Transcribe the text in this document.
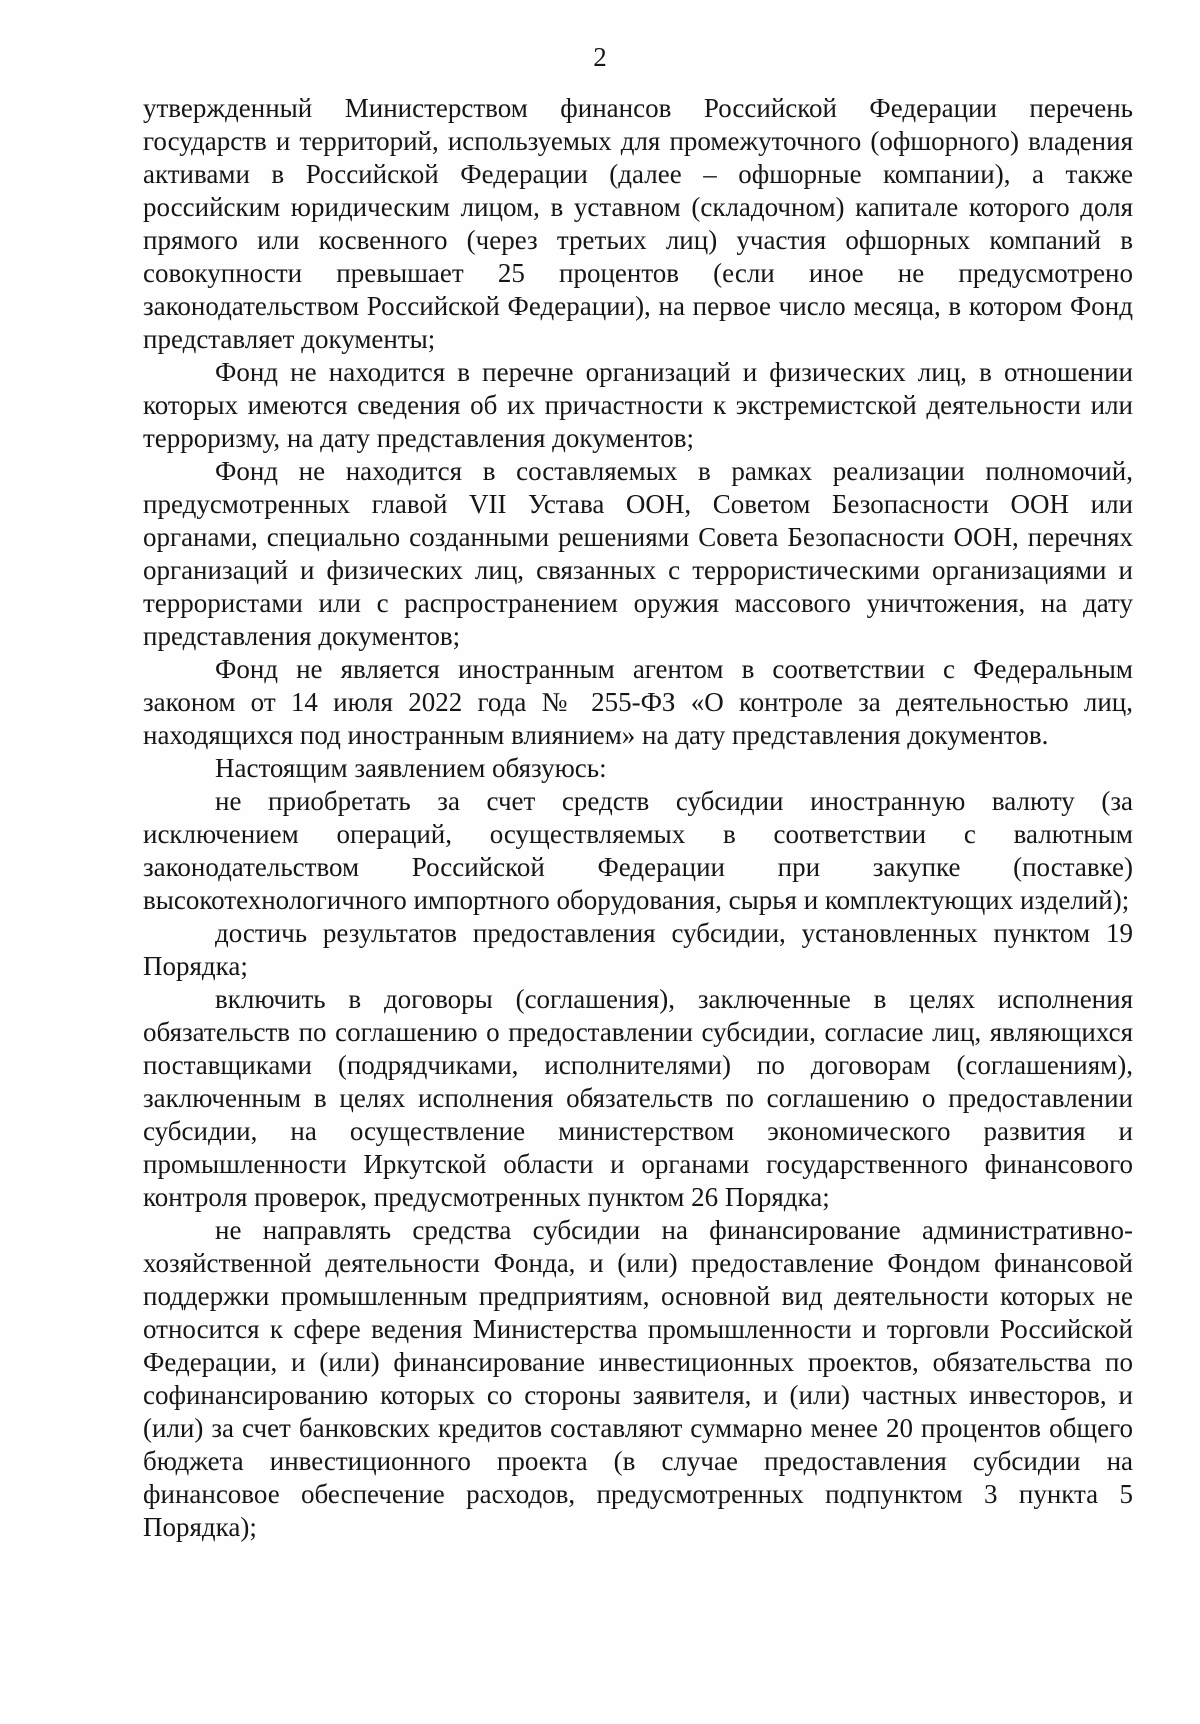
2

утвержденный Министерством финансов Российской Федерации перечень государств и территорий, используемых для промежуточного (офшорного) владения активами в Российской Федерации (далее – офшорные компании), а также российским юридическим лицом, в уставном (складочном) капитале которого доля прямого или косвенного (через третьих лиц) участия офшорных компаний в совокупности превышает 25 процентов (если иное не предусмотрено законодательством Российской Федерации), на первое число месяца, в котором Фонд представляет документы;

Фонд не находится в перечне организаций и физических лиц, в отношении которых имеются сведения об их причастности к экстремистской деятельности или терроризму, на дату представления документов;

Фонд не находится в составляемых в рамках реализации полномочий, предусмотренных главой VII Устава ООН, Советом Безопасности ООН или органами, специально созданными решениями Совета Безопасности ООН, перечнях организаций и физических лиц, связанных с террористическими организациями и террористами или с распространением оружия массового уничтожения, на дату представления документов;

Фонд не является иностранным агентом в соответствии с Федеральным законом от 14 июля 2022 года № 255-ФЗ «О контроле за деятельностью лиц, находящихся под иностранным влиянием» на дату представления документов.

Настоящим заявлением обязуюсь:

не приобретать за счет средств субсидии иностранную валюту (за исключением операций, осуществляемых в соответствии с валютным законодательством Российской Федерации при закупке (поставке) высокотехнологичного импортного оборудования, сырья и комплектующих изделий);

достичь результатов предоставления субсидии, установленных пунктом 19 Порядка;

включить в договоры (соглашения), заключенные в целях исполнения обязательств по соглашению о предоставлении субсидии, согласие лиц, являющихся поставщиками (подрядчиками, исполнителями) по договорам (соглашениям), заключенным в целях исполнения обязательств по соглашению о предоставлении субсидии, на осуществление министерством экономического развития и промышленности Иркутской области и органами государственного финансового контроля проверок, предусмотренных пунктом 26 Порядка;

не направлять средства субсидии на финансирование административно-хозяйственной деятельности Фонда, и (или) предоставление Фондом финансовой поддержки промышленным предприятиям, основной вид деятельности которых не относится к сфере ведения Министерства промышленности и торговли Российской Федерации, и (или) финансирование инвестиционных проектов, обязательства по софинансированию которых со стороны заявителя, и (или) частных инвесторов, и (или) за счет банковских кредитов составляют суммарно менее 20 процентов общего бюджета инвестиционного проекта (в случае предоставления субсидии на финансовое обеспечение расходов, предусмотренных подпунктом 3 пункта 5 Порядка);
